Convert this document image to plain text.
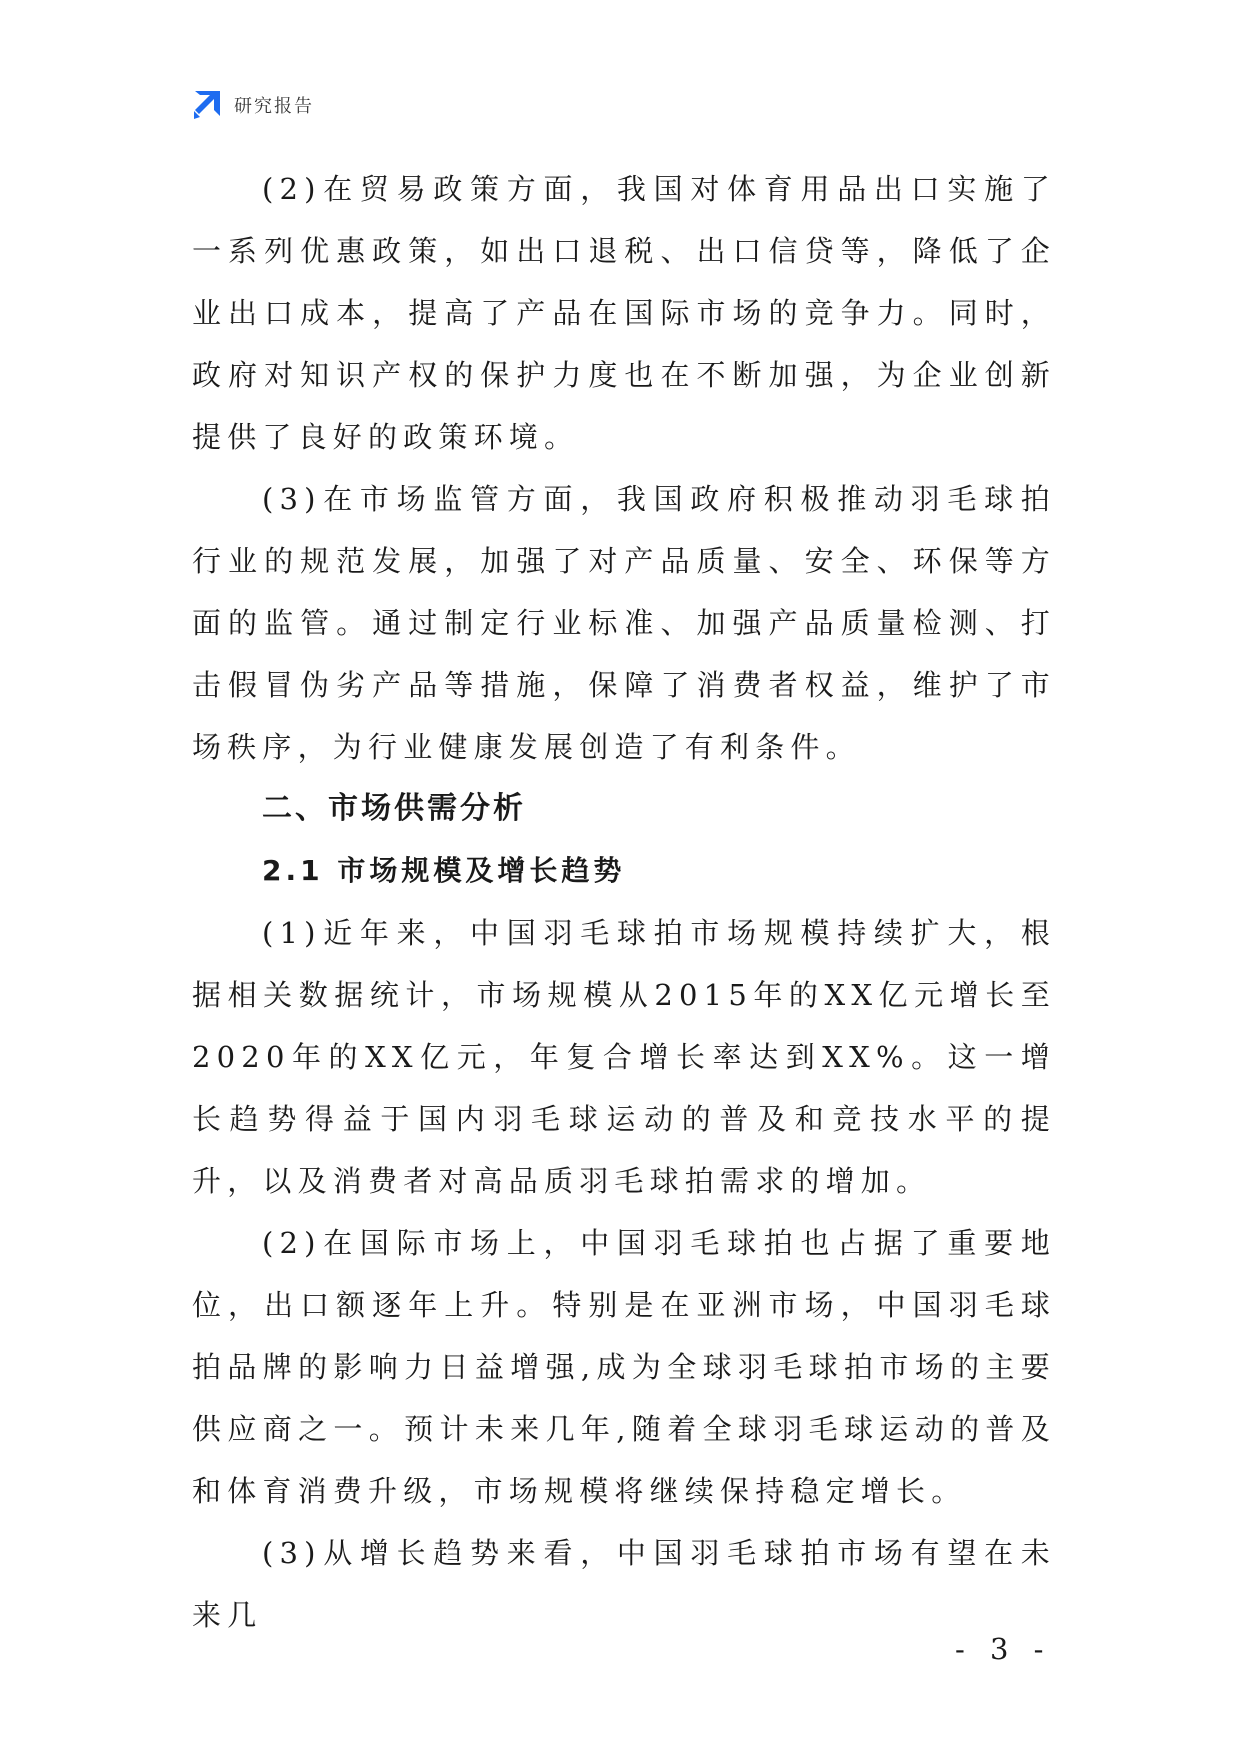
研究报告

(2)在贸易政策方面，我国对体育用品出口实施了一系列优惠政策，如出口退税、出口信贷等，降低了企业出口成本，提高了产品在国际市场的竞争力。同时，政府对知识产权的保护力度也在不断加强，为企业创新提供了良好的政策环境。

(3)在市场监管方面，我国政府积极推动羽毛球拍行业的规范发展，加强了对产品质量、安全、环保等方面的监管。通过制定行业标准、加强产品质量检测、打击假冒伪劣产品等措施，保障了消费者权益，维护了市场秩序，为行业健康发展创造了有利条件。

二、市场供需分析
2.1 市场规模及增长趋势

(1)近年来，中国羽毛球拍市场规模持续扩大，根据相关数据统计，市场规模从2015年的XX亿元增长至2020年的XX亿元，年复合增长率达到XX%。这一增长趋势得益于国内羽毛球运动的普及和竞技水平的提升，以及消费者对高品质羽毛球拍需求的增加。

(2)在国际市场上，中国羽毛球拍也占据了重要地位，出口额逐年上升。特别是在亚洲市场，中国羽毛球拍品牌的影响力日益增强,成为全球羽毛球拍市场的主要供应商之一。预计未来几年,随着全球羽毛球运动的普及和体育消费升级，市场规模将继续保持稳定增长。

(3)从增长趋势来看，中国羽毛球拍市场有望在未来几

- 3 -
